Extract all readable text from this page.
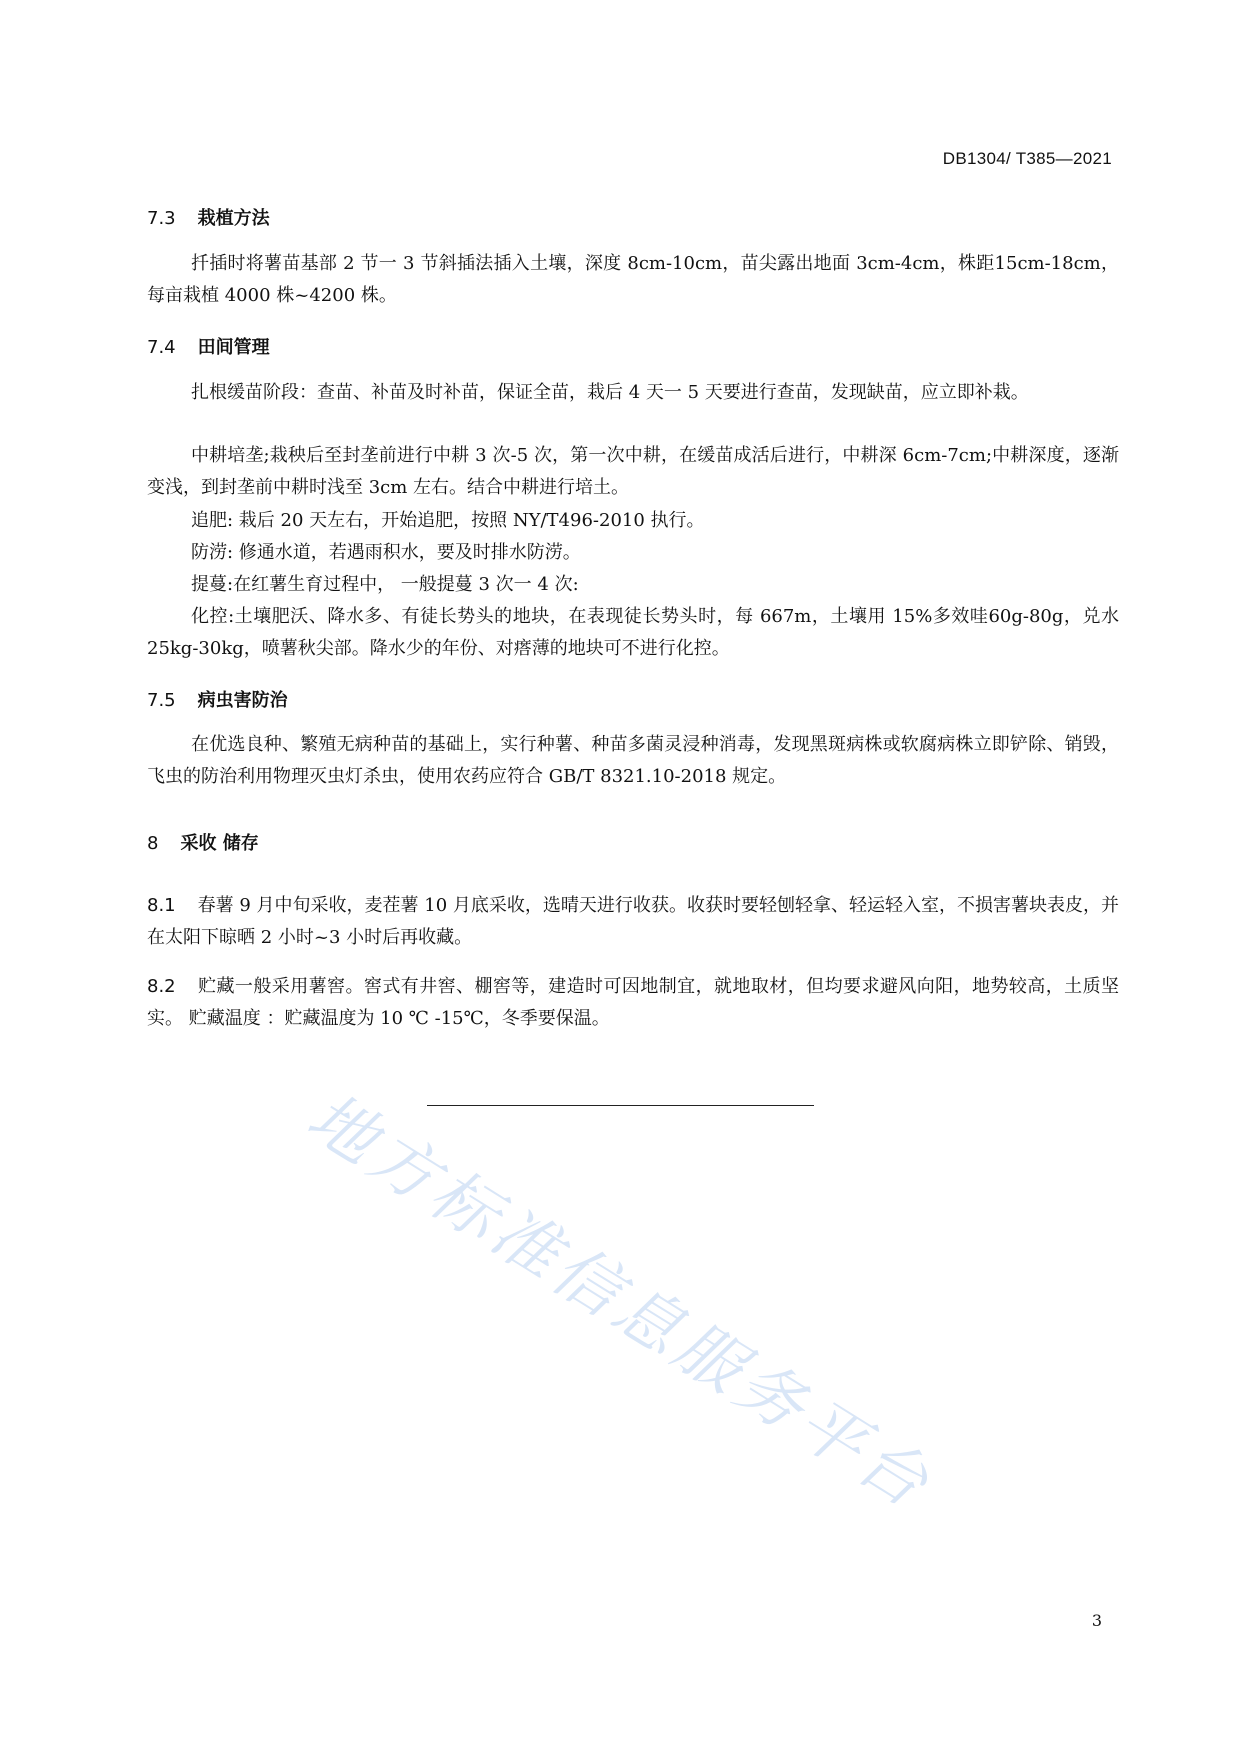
DB1304/ T385—2021
7.3 栽植方法
扦插时将薯苗基部 2 节一 3 节斜插法插入土壤，深度 8cm-10cm，苗尖露出地面 3cm-4cm，株距15cm-18cm，每亩栽植 4000 株~4200 株。
7.4 田间管理
扎根缓苗阶段：查苗、补苗及时补苗，保证全苗，栽后 4 天一 5 天要进行查苗，发现缺苗，应立即补栽。
中耕培垄;栽秧后至封垄前进行中耕 3 次-5 次，第一次中耕，在缓苗成活后进行，中耕深 6cm-7cm;中耕深度，逐渐变浅，到封垄前中耕时浅至 3cm 左右。结合中耕进行培土。
追肥: 栽后 20 天左右，开始追肥，按照 NY/T496-2010 执行。
防涝: 修通水道，若遇雨积水，要及时排水防涝。
提蔓:在红薯生育过程中， 一般提蔓 3 次一 4 次:
化控:土壤肥沃、降水多、有徒长势头的地块，在表现徒长势头时，每 667m，土壤用 15%多效哇60g-80g，兑水 25kg-30kg，喷薯秋尖部。降水少的年份、对瘩薄的地块可不进行化控。
7.5 病虫害防治
在优选良种、繁殖无病种苗的基础上，实行种薯、种苗多菌灵浸种消毒，发现黑斑病株或软腐病株立即铲除、销毁，飞虫的防治利用物理灭虫灯杀虫，使用农药应符合 GB/T 8321.10-2018 规定。
8 采收 储存
8.1 春薯 9 月中旬采收，麦茬薯 10 月底采收，选晴天进行收获。收获时要轻刨轻拿、轻运轻入室，不损害薯块表皮，并在太阳下晾晒 2 小时~3 小时后再收藏。
8.2 贮藏一般采用薯窖。窖式有井窖、棚窖等，建造时可因地制宜，就地取材，但均要求避风向阳，地势较高，土质坚实。 贮藏温度 ：贮藏温度为 10 ℃ -15℃，冬季要保温。
地方标准信息服务平台
3
